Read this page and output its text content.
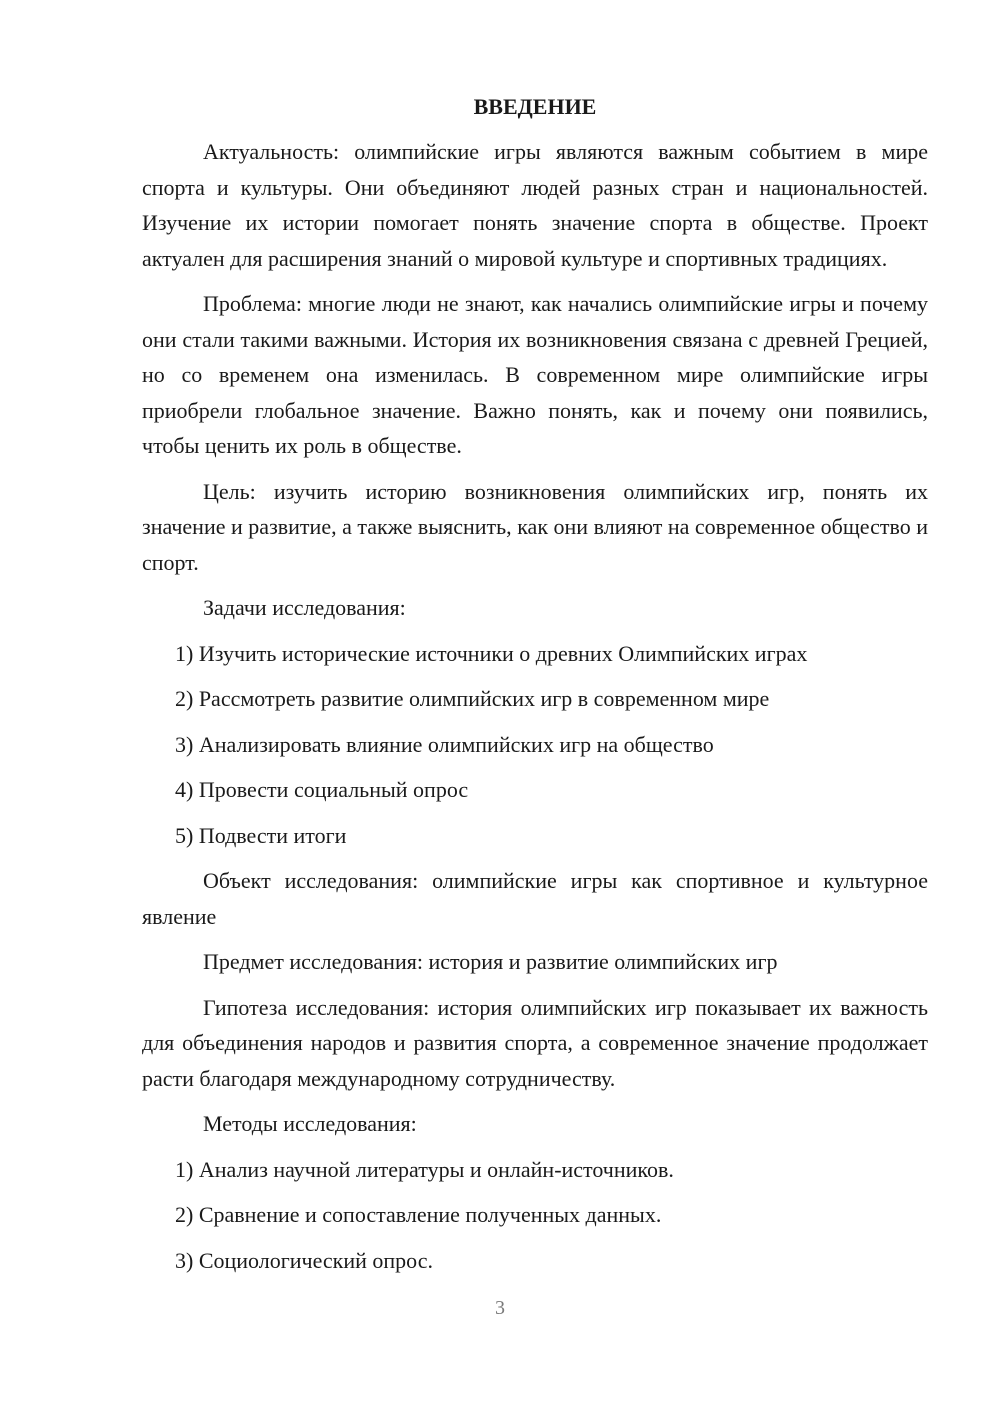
ВВЕДЕНИЕ

Актуальность: олимпийские игры являются важным событием в мире спорта и культуры. Они объединяют людей разных стран и национальностей. Изучение их истории помогает понять значение спорта в обществе. Проект актуален для расширения знаний о мировой культуре и спортивных традициях.

Проблема: многие люди не знают, как начались олимпийские игры и почему они стали такими важными. История их возникновения связана с древней Грецией, но со временем она изменилась. В современном мире олимпийские игры приобрели глобальное значение. Важно понять, как и почему они появились, чтобы ценить их роль в обществе.

Цель: изучить историю возникновения олимпийских игр, понять их значение и развитие, а также выяснить, как они влияют на современное общество и спорт.

Задачи исследования:
1) Изучить исторические источники о древних Олимпийских играх
2) Рассмотреть развитие олимпийских игр в современном мире
3) Анализировать влияние олимпийских игр на общество
4) Провести социальный опрос
5) Подвести итоги

Объект исследования: олимпийские игры как спортивное и культурное явление

Предмет исследования: история и развитие олимпийских игр

Гипотеза исследования: история олимпийских игр показывает их важность для объединения народов и развития спорта, а современное значение продолжает расти благодаря международному сотрудничеству.

Методы исследования:
1) Анализ научной литературы и онлайн-источников.
2) Сравнение и сопоставление полученных данных.
3) Социологический опрос.
3
